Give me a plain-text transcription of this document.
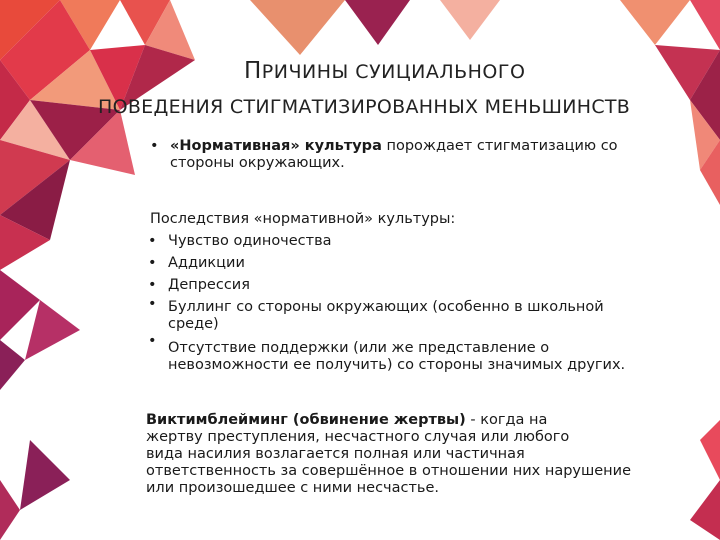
ПРИЧИНЫ СУИЦИАЛЬНОГО
ПОВЕДЕНИЯ СТИГМАТИЗИРОВАННЫХ МЕНЬШИНСТВ
• «Нормативная» культура порождает стигматизацию со
стороны окружающих.
Последствия «нормативной» культуры:
• Чувство одиночества
• Аддикции
• Депрессия
• Буллинг со стороны окружающих (особенно в школьной
среде)
• Отсутствие поддержки (или же представление о
невозможности ее получить) со стороны значимых других.
Виктимблейминг (обвинение жертвы) - когда на
жертву преступления, несчастного случая или любого
вида насилия возлагается полная или частичная
ответственность за совершённое в отношении них нарушение
или произошедшее с ними несчастье.
